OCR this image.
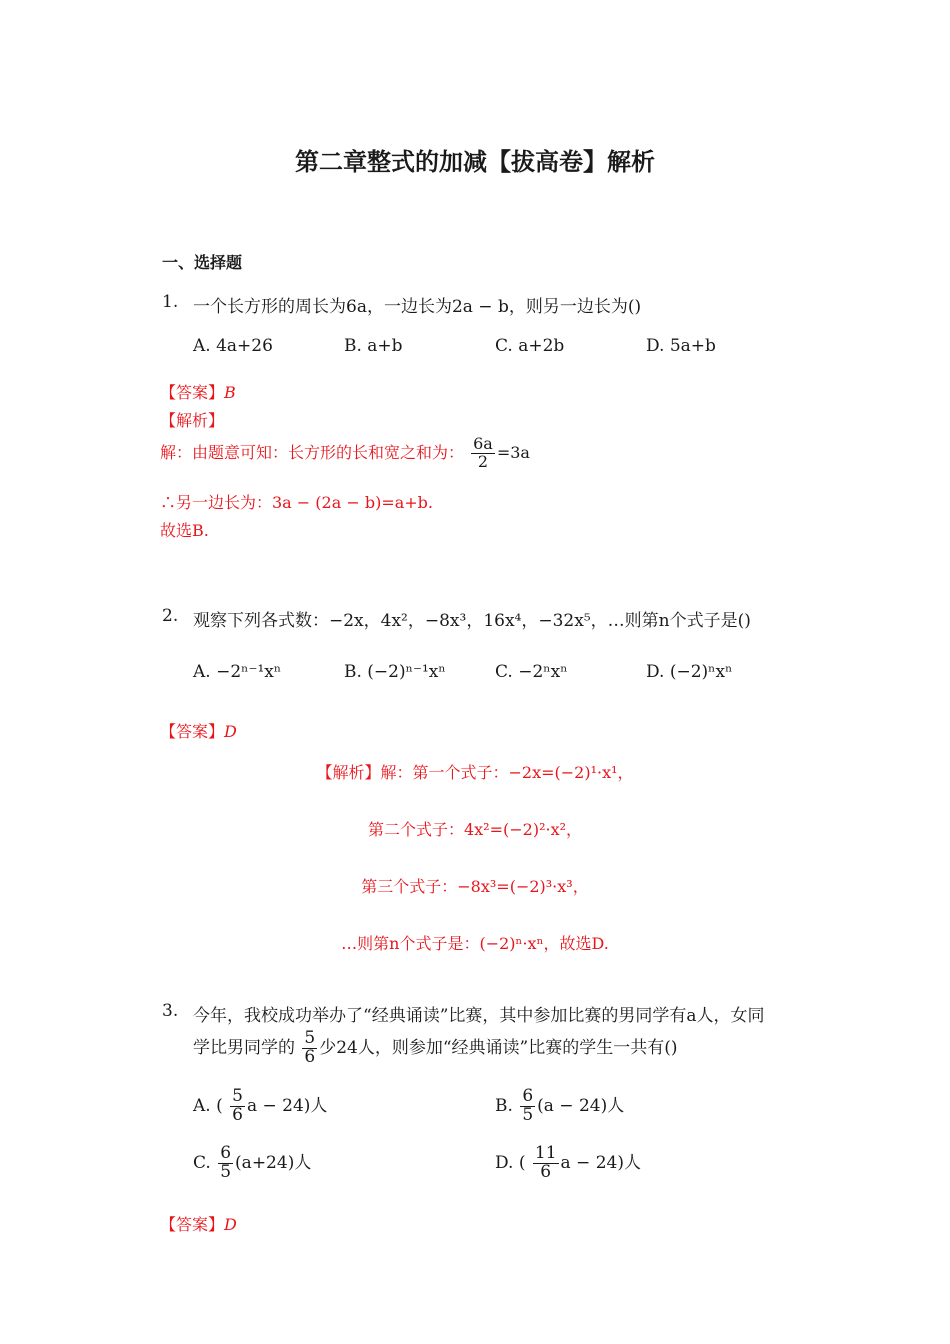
第二章整式的加减【拔高卷】解析
一、选择题
1. 一个长方形的周长为6a，一边长为2a − b，则另一边长为()
A. 4a+26	B. a+b	C. a+2b	D. 5a+b
【答案】B
【解析】
解：由题意可知：长方形的长和宽之和为： $\frac{6a}{2} =3a$
∴另一边长为：3a − (2a − b)=a+b.
故选B.
2. 观察下列各式数：−2x，4x²，−8x³，16x⁴，−32x⁵，…则第n个式子是()
A. −2ⁿ⁻¹xⁿ	B. (−2)ⁿ⁻¹xⁿ	C. −2ⁿxⁿ	D. (−2)ⁿxⁿ
【答案】D
【解析】解：第一个式子：−2x=(−2)¹·x¹，
第二个式子：4x²=(−2)²·x²，
第三个式子：−8x³=(−2)³·x³，
…则第n个式子是：(−2)ⁿ·xⁿ，故选D.
3. 今年，我校成功举办了“经典诵读”比赛，其中参加比赛的男同学有a人，女同
学比男同学的 $\frac{5}{6}$ 少24人，则参加“经典诵读”比赛的学生一共有()
A. ( $\frac{5}{6}$ a − 24)人	B. $\frac{6}{5} (a - 24)$人
C. $\frac{6}{5} (a+24)$人	D. ( $\frac{11}{6}$ a − 24)人
【答案】D
